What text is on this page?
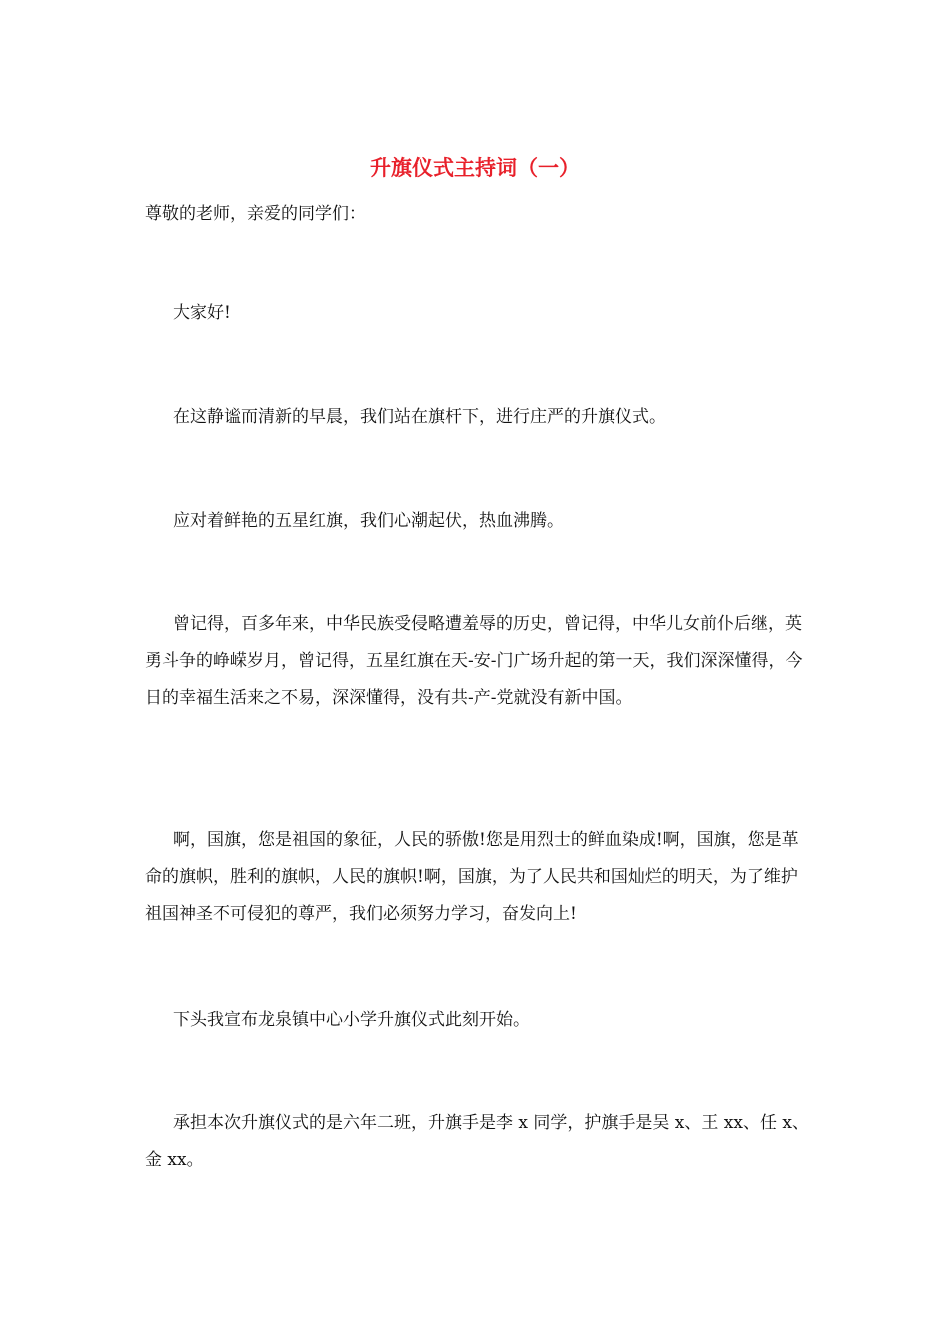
升旗仪式主持词（一）

尊敬的老师，亲爱的同学们：

大家好!

在这静谧而清新的早晨，我们站在旗杆下，进行庄严的升旗仪式。

应对着鲜艳的五星红旗，我们心潮起伏，热血沸腾。

曾记得，百多年来，中华民族受侵略遭羞辱的历史，曾记得，中华儿女前仆后继，英勇斗争的峥嵘岁月，曾记得，五星红旗在天-安-门广场升起的第一天，我们深深懂得，今日的幸福生活来之不易，深深懂得，没有共-产-党就没有新中国。

啊，国旗，您是祖国的象征，人民的骄傲!您是用烈士的鲜血染成!啊，国旗，您是革命的旗帜，胜利的旗帜，人民的旗帜!啊，国旗，为了人民共和国灿烂的明天，为了维护祖国神圣不可侵犯的尊严，我们必须努力学习，奋发向上!

下头我宣布龙泉镇中心小学升旗仪式此刻开始。

承担本次升旗仪式的是六年二班，升旗手是李 x 同学，护旗手是吴 x、王 xx、任 x、金 xx。
